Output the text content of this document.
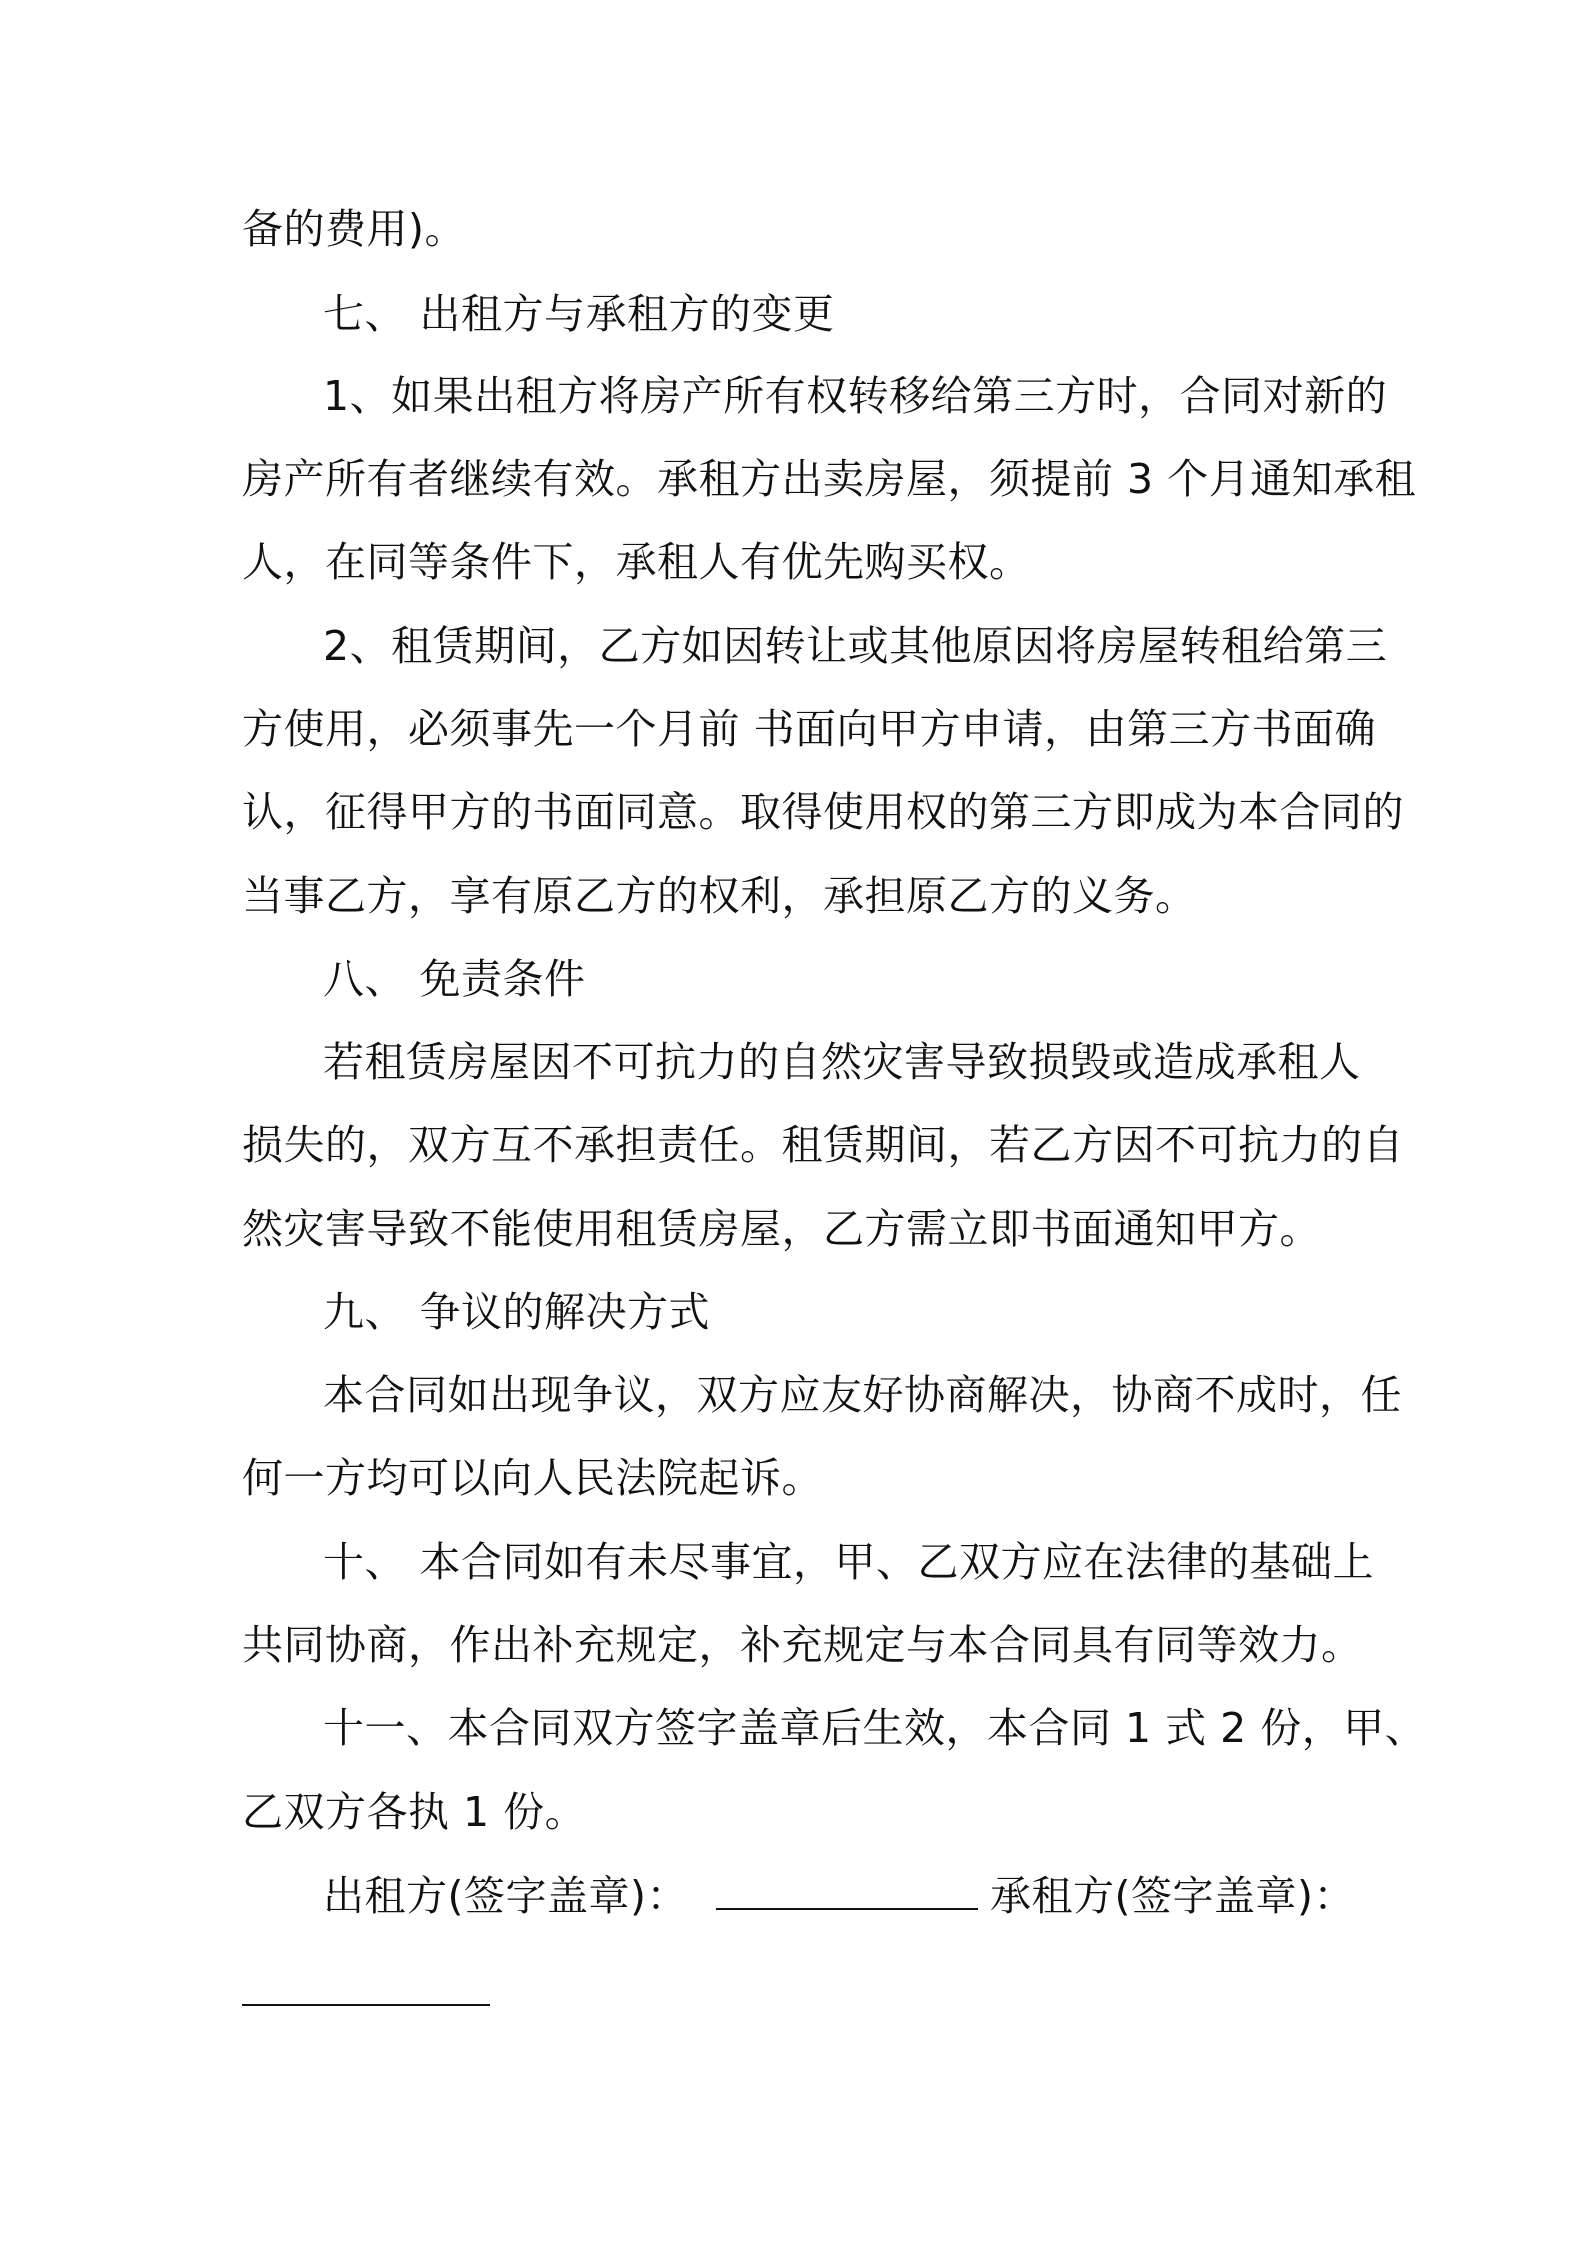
备的费用)。
七、 出租方与承租方的变更
1、如果出租方将房产所有权转移给第三方时，合同对新的
房产所有者继续有效。承租方出卖房屋，须提前 3 个月通知承租
人，在同等条件下，承租人有优先购买权。
2、租赁期间，乙方如因转让或其他原因将房屋转租给第三
方使用，必须事先一个月前 书面向甲方申请，由第三方书面确
认，征得甲方的书面同意。取得使用权的第三方即成为本合同的
当事乙方，享有原乙方的权利，承担原乙方的义务。
八、 免责条件
若租赁房屋因不可抗力的自然灾害导致损毁或造成承租人
损失的，双方互不承担责任。租赁期间，若乙方因不可抗力的自
然灾害导致不能使用租赁房屋，乙方需立即书面通知甲方。
九、 争议的解决方式
本合同如出现争议，双方应友好协商解决，协商不成时，任
何一方均可以向人民法院起诉。
十、 本合同如有未尽事宜，甲、乙双方应在法律的基础上
共同协商，作出补充规定，补充规定与本合同具有同等效力。
十一、本合同双方签字盖章后生效，本合同 1 式 2 份，甲、
乙双方各执 1 份。
出租方(签字盖章)：	承租方(签字盖章)：
